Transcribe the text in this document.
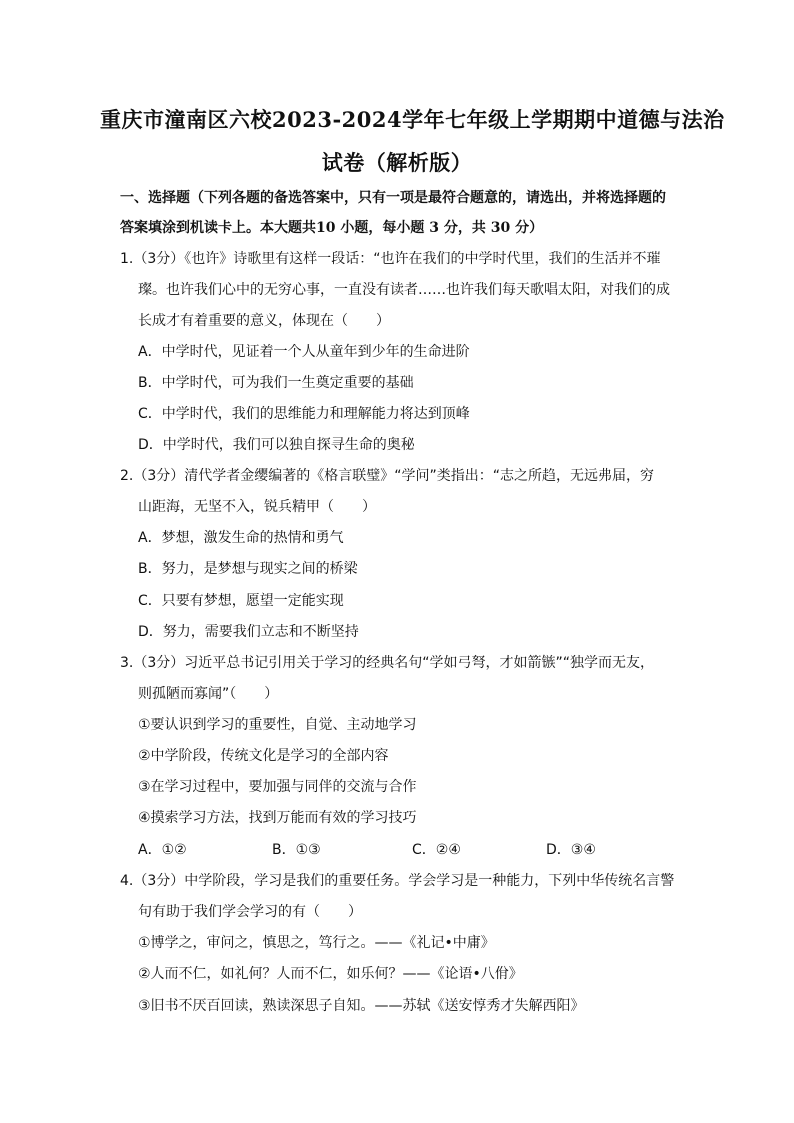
重庆市潼南区六校2023-2024学年七年级上学期期中道德与法治
试卷（解析版）
一、选择题（下列各题的备选答案中，只有一项是最符合题意的，请选出，并将选择题的
答案填涂到机读卡上。本大题共10 小题，每小题 3 分，共 30 分）
1.（3分）《也许》诗歌里有这样一段话：“也许在我们的中学时代里，我们的生活并不璀
璨。也许我们心中的无穷心事，一直没有读者……也许我们每天歌唱太阳，对我们的成
长成才有着重要的意义，体现在（　　）
A．中学时代，见证着一个人从童年到少年的生命进阶
B．中学时代，可为我们一生奠定重要的基础
C．中学时代，我们的思维能力和理解能力将达到顶峰
D．中学时代，我们可以独自探寻生命的奥秘
2.（3分）清代学者金缨编著的《格言联璧》“学问”类指出：“志之所趋，无远弗届，穷
山距海，无坚不入，锐兵精甲（　　）
A．梦想，激发生命的热情和勇气
B．努力，是梦想与现实之间的桥梁
C．只要有梦想，愿望一定能实现
D．努力，需要我们立志和不断坚持
3.（3分）习近平总书记引用关于学习的经典名句“学如弓弩，才如箭镞”“独学而无友，
则孤陋而寡闻”（　　）
①要认识到学习的重要性，自觉、主动地学习
②中学阶段，传统文化是学习的全部内容
③在学习过程中，要加强与同伴的交流与合作
④摸索学习方法，找到万能而有效的学习技巧
A．①②	B．①③	C．②④	D．③④
4.（3分）中学阶段，学习是我们的重要任务。学会学习是一种能力，下列中华传统名言警
句有助于我们学会学习的有（　　）
①博学之，审问之，慎思之，笃行之。——《礼记•中庸》
②人而不仁，如礼何？人而不仁，如乐何？——《论语•八佾》
③旧书不厌百回读，熟读深思子自知。——苏轼《送安惇秀才失解西阳》
